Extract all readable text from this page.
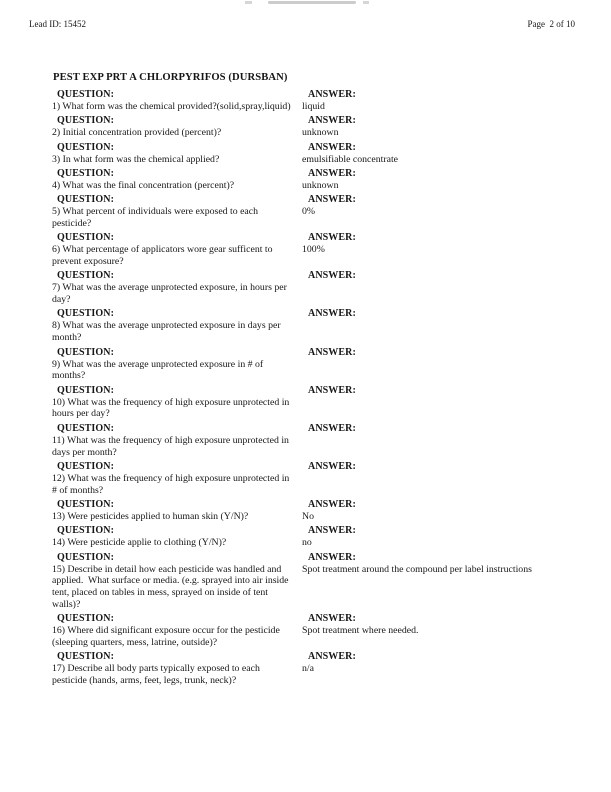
Lead ID: 15452	Page  2 of 10
PEST EXP PRT A CHLORPYRIFOS (DURSBAN)
QUESTION:
1) What form was the chemical provided?(solid,spray,liquid)
ANSWER:
liquid
QUESTION:
2) Initial concentration provided (percent)?
ANSWER:
unknown
QUESTION:
3) In what form was the chemical applied?
ANSWER:
emulsifiable concentrate
QUESTION:
4) What was the final concentration (percent)?
ANSWER:
unknown
QUESTION:
5) What percent of individuals were exposed to each pesticide?
ANSWER:
0%
QUESTION:
6) What percentage of applicators wore gear sufficent to prevent exposure?
ANSWER:
100%
QUESTION:
7) What was the average unprotected exposure, in hours per day?
ANSWER:
QUESTION:
8) What was the average unprotected exposure in days per month?
ANSWER:
QUESTION:
9) What was the average unprotected exposure in # of months?
ANSWER:
QUESTION:
10) What was the frequency of high exposure unprotected in hours per day?
ANSWER:
QUESTION:
11) What was the frequency of high exposure unprotected in days per month?
ANSWER:
QUESTION:
12) What was the frequency of high exposure unprotected in # of months?
ANSWER:
QUESTION:
13) Were pesticides applied to human skin (Y/N)?
ANSWER:
No
QUESTION:
14) Were pesticide applie to clothing (Y/N)?
ANSWER:
no
QUESTION:
15) Describe in detail how each pesticide was handled and applied.  What surface or media. (e.g. sprayed into air inside tent, placed on tables in mess, sprayed on inside of tent walls)?
ANSWER:
Spot treatment around the compound per label instructions
QUESTION:
16) Where did significant exposure occur for the pesticide (sleeping quarters, mess, latrine, outside)?
ANSWER:
Spot treatment where needed.
QUESTION:
17) Describe all body parts typically exposed to each pesticide (hands, arms, feet, legs, trunk, neck)?
ANSWER:
n/a
